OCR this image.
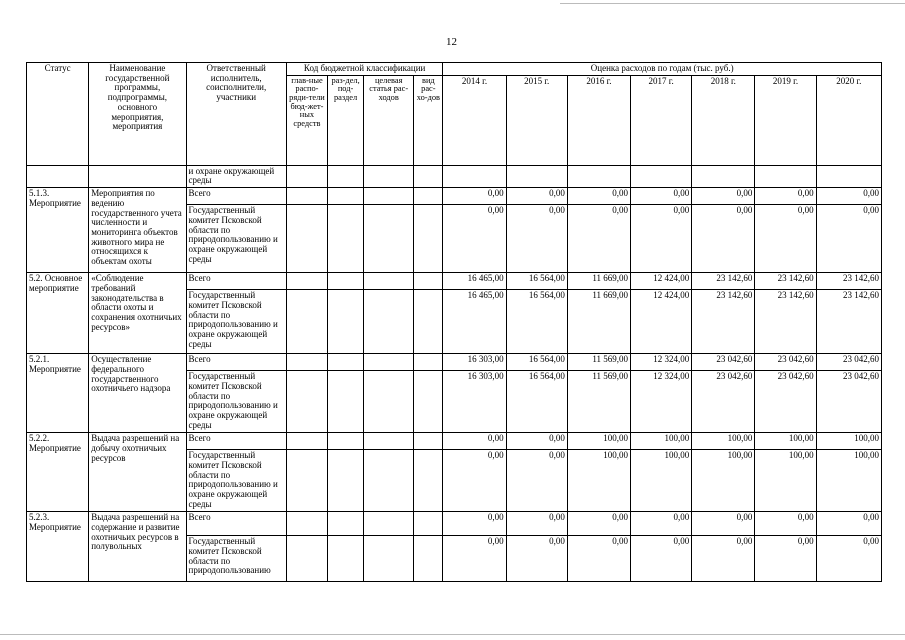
12
Статус	Наименование государственной программы, подпрограммы, основного мероприятия, мероприятия	Ответственный исполнитель, соисполнители, участники	Код бюджетной классификации				Оценка расходов по годам (тыс. руб.)						
			глав-ные распо-ряди-тели бюд-жет-ных средств	раз-дел, под-раздел	целевая статья рас-ходов	вид рас-хо-дов	2014 г.	2015 г.	2016 г.	2017 г.	2018 г.	2019 г.	2020 г.
		и охране окружающей среды											
5.1.3. Мероприятие	Мероприятия по ведению государственного учета численности и мониторинга объектов животного мира не относящихся к объектам охоты	Всего					0,00	0,00	0,00	0,00	0,00	0,00	0,00
		Государственный комитет Псковской области по природопользованию и охране окружающей среды					0,00	0,00	0,00	0,00	0,00	0,00	0,00
5.2. Основное мероприятие	«Соблюдение требований законодательства в области охоты и сохранения охотничьих ресурсов»	Всего					16 465,00	16 564,00	11 669,00	12 424,00	23 142,60	23 142,60	23 142,60
		Государственный комитет Псковской области по природопользованию и охране окружающей среды					16 465,00	16 564,00	11 669,00	12 424,00	23 142,60	23 142,60	23 142,60
5.2.1. Мероприятие	Осуществление федерального государственного охотничьего надзора	Всего					16 303,00	16 564,00	11 569,00	12 324,00	23 042,60	23 042,60	23 042,60
		Государственный комитет Псковской области по природопользованию и охране окружающей среды					16 303,00	16 564,00	11 569,00	12 324,00	23 042,60	23 042,60	23 042,60
5.2.2. Мероприятие	Выдача разрешений на добычу охотничьих ресурсов	Всего					0,00	0,00	100,00	100,00	100,00	100,00	100,00
		Государственный комитет Псковской области по природопользованию и охране окружающей среды					0,00	0,00	100,00	100,00	100,00	100,00	100,00
5.2.3. Мероприятие	Выдача разрешений на содержание и развитие охотничьих ресурсов в полувольных	Всего					0,00	0,00	0,00	0,00	0,00	0,00	0,00
		Государственный комитет Псковской области по природопользованию					0,00	0,00	0,00	0,00	0,00	0,00	0,00
